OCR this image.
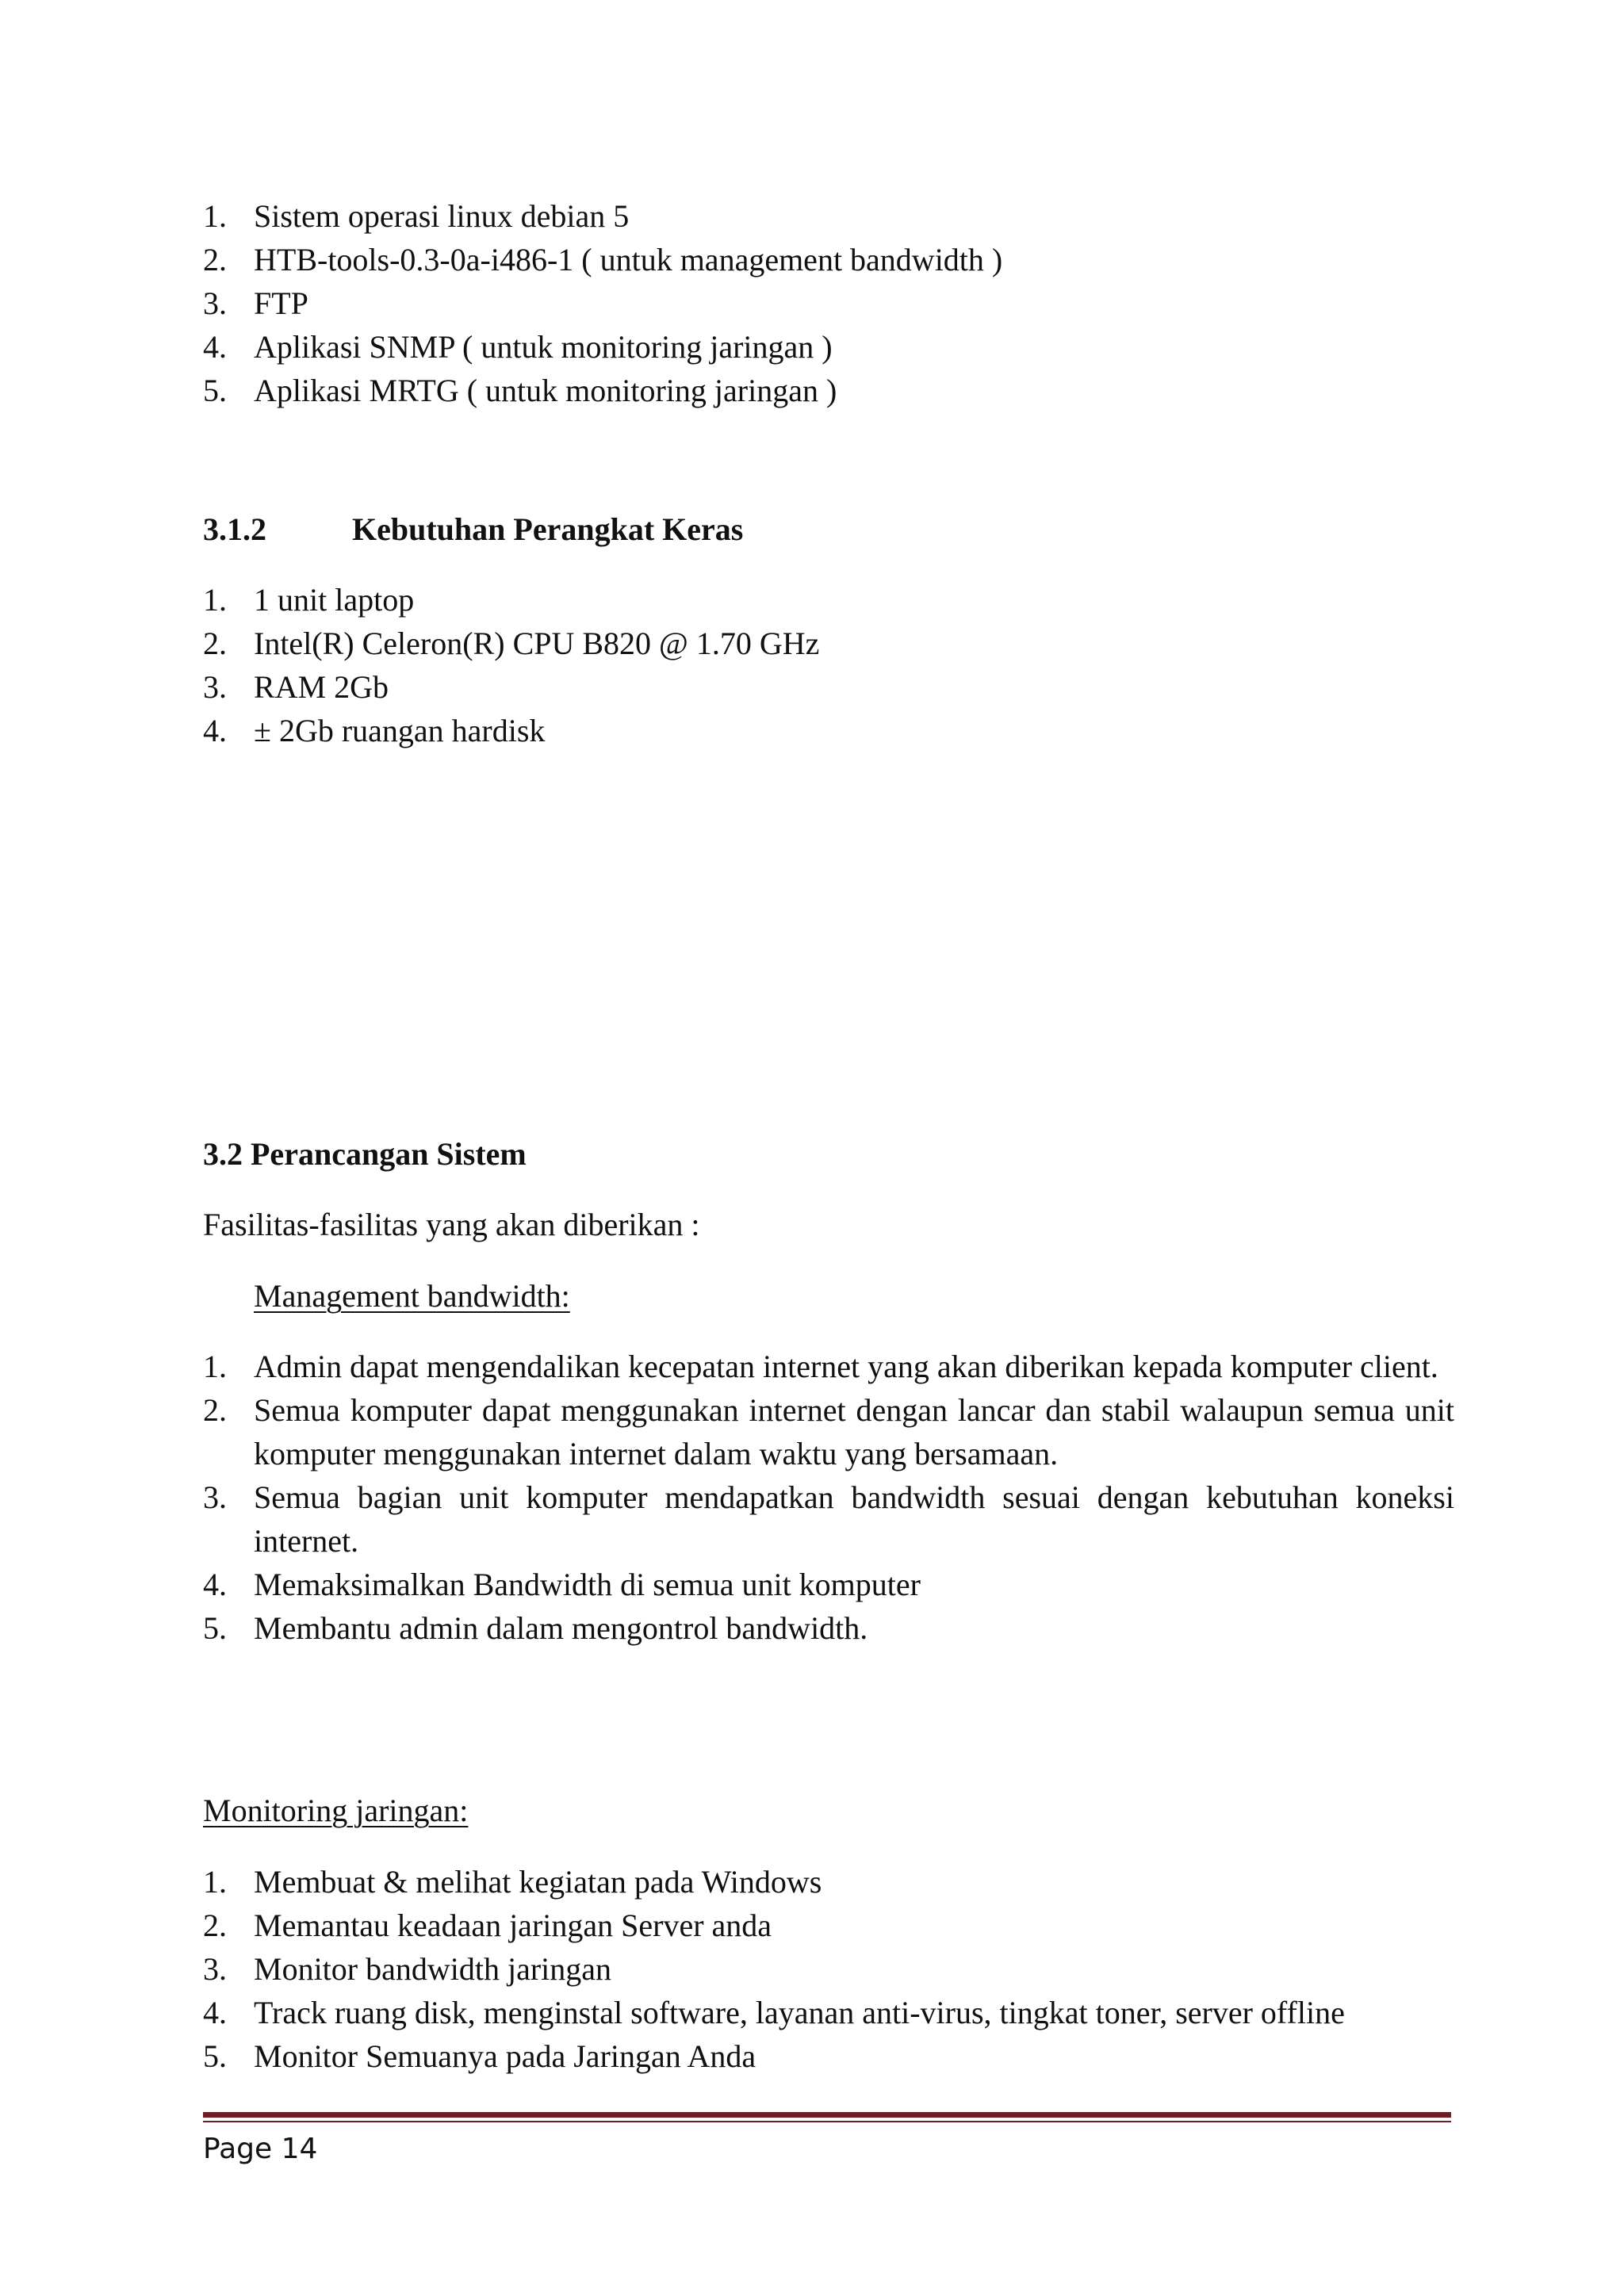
1. Sistem operasi linux debian 5
2. HTB-tools-0.3-0a-i486-1 ( untuk management bandwidth )
3. FTP
4. Aplikasi SNMP ( untuk monitoring jaringan )
5. Aplikasi MRTG ( untuk monitoring jaringan )

3.1.2	Kebutuhan Perangkat Keras

1. 1 unit laptop
2. Intel(R) Celeron(R) CPU B820 @ 1.70 GHz
3. RAM 2Gb
4. ± 2Gb ruangan hardisk

3.2 Perancangan Sistem

Fasilitas-fasilitas yang akan diberikan :

Management bandwidth:

1. Admin dapat mengendalikan kecepatan internet yang akan diberikan kepada komputer client.
2. Semua komputer dapat menggunakan internet dengan lancar dan stabil walaupun semua unit komputer menggunakan internet dalam waktu yang bersamaan.
3. Semua bagian unit komputer mendapatkan bandwidth sesuai dengan kebutuhan koneksi internet.
4. Memaksimalkan Bandwidth di semua unit komputer
5. Membantu admin dalam mengontrol bandwidth.

Monitoring jaringan:

1. Membuat & melihat kegiatan pada Windows
2. Memantau keadaan jaringan Server anda
3. Monitor bandwidth jaringan
4. Track ruang disk, menginstal software, layanan anti-virus, tingkat toner, server offline
5. Monitor Semuanya pada Jaringan Anda
Page 14
